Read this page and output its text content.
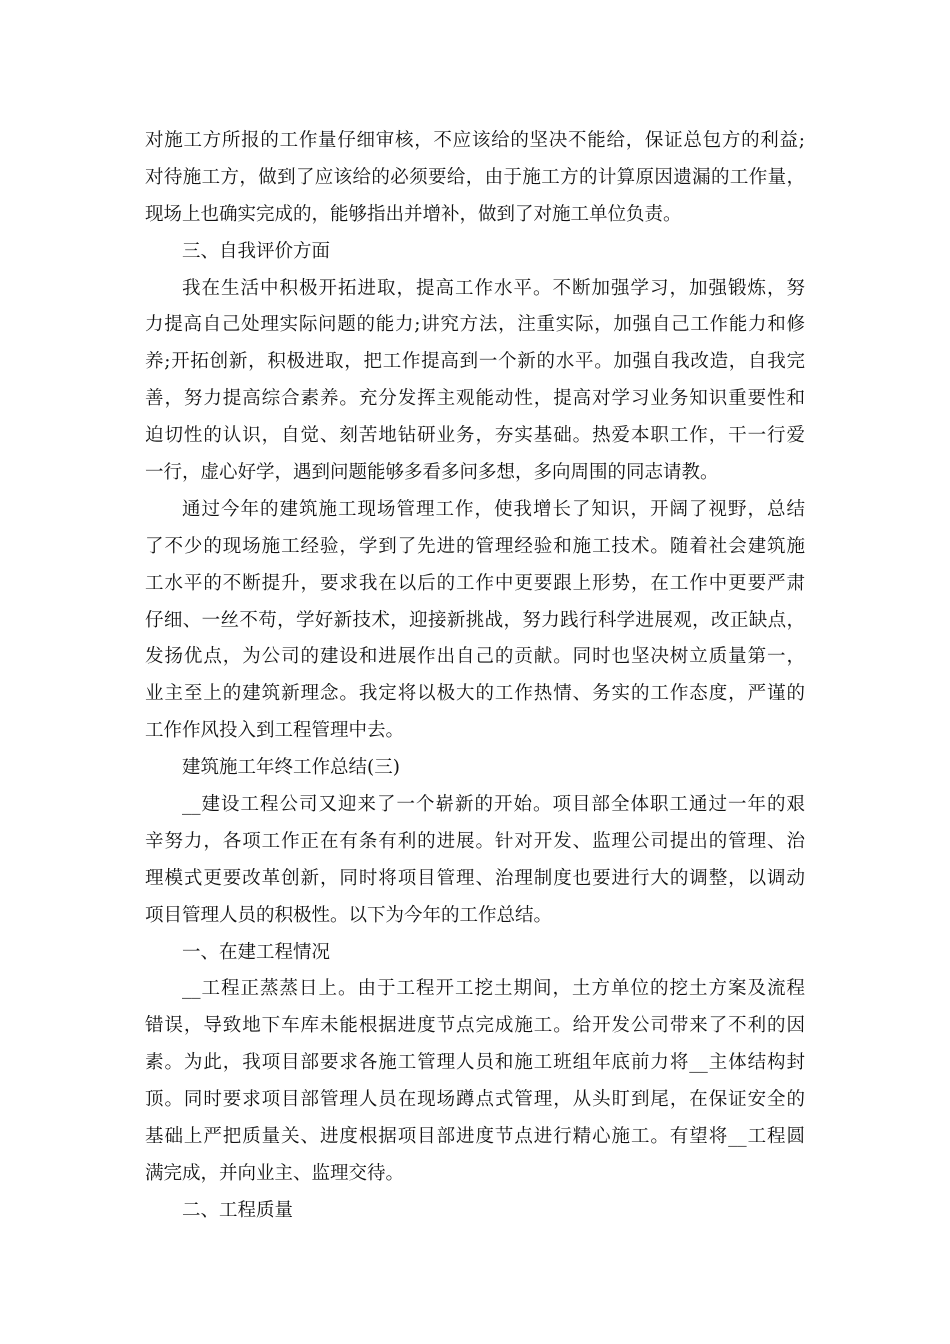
对施工方所报的工作量仔细审核，不应该给的坚决不能给，保证总包方的利益;
对待施工方，做到了应该给的必须要给，由于施工方的计算原因遗漏的工作量，
现场上也确实完成的，能够指出并增补，做到了对施工单位负责。
三、自我评价方面
我在生活中积极开拓进取，提高工作水平。不断加强学习，加强锻炼，努
力提高自己处理实际问题的能力;讲究方法，注重实际，加强自己工作能力和修
养;开拓创新，积极进取，把工作提高到一个新的水平。加强自我改造，自我完
善，努力提高综合素养。充分发挥主观能动性，提高对学习业务知识重要性和
迫切性的认识，自觉、刻苦地钻研业务，夯实基础。热爱本职工作，干一行爱
一行，虚心好学，遇到问题能够多看多问多想，多向周围的同志请教。
通过今年的建筑施工现场管理工作，使我增长了知识，开阔了视野，总结
了不少的现场施工经验，学到了先进的管理经验和施工技术。随着社会建筑施
工水平的不断提升，要求我在以后的工作中更要跟上形势，在工作中更要严肃
仔细、一丝不苟，学好新技术，迎接新挑战，努力践行科学进展观，改正缺点，
发扬优点，为公司的建设和进展作出自己的贡献。同时也坚决树立质量第一，
业主至上的建筑新理念。我定将以极大的工作热情、务实的工作态度，严谨的
工作作风投入到工程管理中去。
建筑施工年终工作总结(三)
__建设工程公司又迎来了一个崭新的开始。项目部全体职工通过一年的艰
辛努力，各项工作正在有条有利的进展。针对开发、监理公司提出的管理、治
理模式更要改革创新，同时将项目管理、治理制度也要进行大的调整，以调动
项目管理人员的积极性。以下为今年的工作总结。
一、在建工程情况
__工程正蒸蒸日上。由于工程开工挖土期间，土方单位的挖土方案及流程
错误，导致地下车库未能根据进度节点完成施工。给开发公司带来了不利的因
素。为此，我项目部要求各施工管理人员和施工班组年底前力将__主体结构封
顶。同时要求项目部管理人员在现场蹲点式管理，从头盯到尾，在保证安全的
基础上严把质量关、进度根据项目部进度节点进行精心施工。有望将__工程圆
满完成，并向业主、监理交待。
二、工程质量
